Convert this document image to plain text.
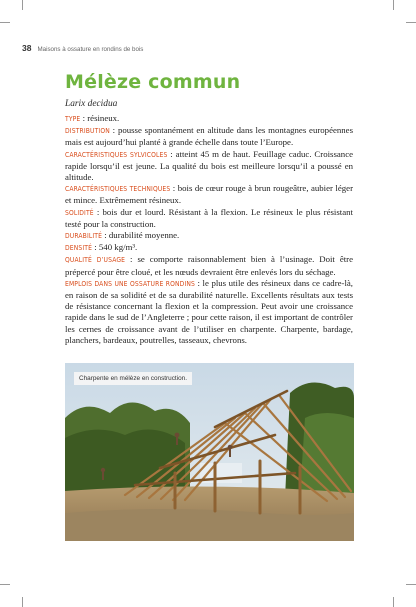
38 Maisons à ossature en rondins de bois
Mélèze commun
Larix decidua

TYPE : résineux.

DISTRIBUTION : pousse spontanément en altitude dans les montagnes européennes mais est aujourd’hui planté à grande échelle dans toute l’Europe.

CARACTÉRISTIQUES SYLVICOLES : atteint 45 m de haut. Feuillage caduc. Croissance rapide lorsqu’il est jeune. La qualité du bois est meilleure lorsqu’il a poussé en altitude.

CARACTÉRISTIQUES TECHNIQUES : bois de cœur rouge à brun rougeâtre, aubier léger et mince. Extrêmement résineux.

SOLIDITÉ : bois dur et lourd. Résistant à la flexion. Le résineux le plus résistant testé pour la construction.

DURABILITÉ : durabilité moyenne.

DENSITÉ : 540 kg/m³.

QUALITÉ D’USAGE : se comporte raisonnablement bien à l’usinage. Doit être prépercé pour être cloué, et les nœuds devraient être enlevés lors du séchage.

EMPLOIS DANS UNE OSSATURE RONDINS : le plus utile des résineux dans ce cadre-là, en raison de sa solidité et de sa durabilité naturelle. Excellents résultats aux tests de résistance concernant la flexion et la compression. Peut avoir une croissance rapide dans le sud de l’Angleterre ; pour cette raison, il est important de contrôler les cernes de croissance avant de l’utiliser en charpente. Charpente, bardage, planchers, bardeaux, poutrelles, tasseaux, chevrons.

Charpente en mélèze en construction.
